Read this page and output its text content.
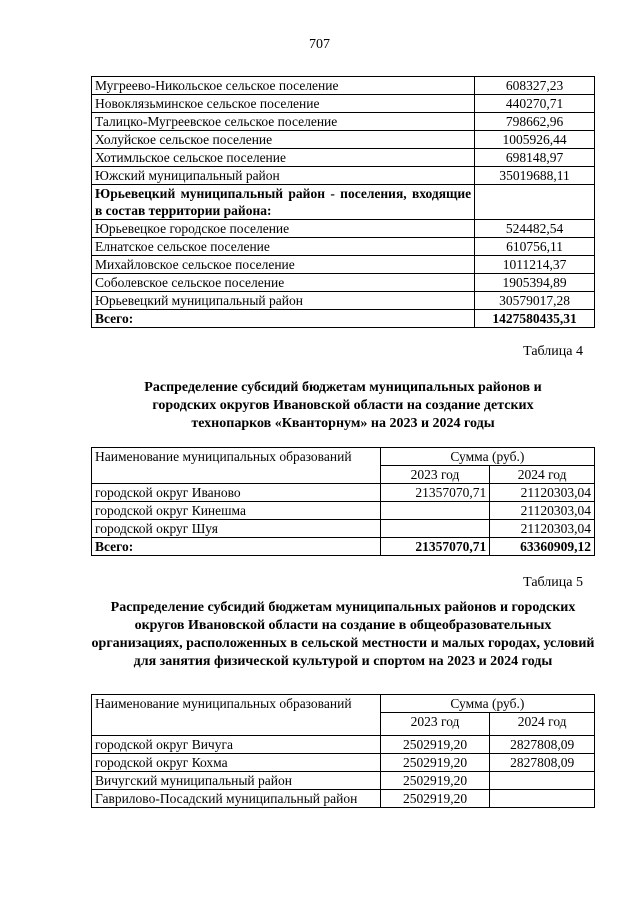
707
Мугреево-Никольское сельское поселение	608327,23
Новоклязьминское сельское поселение	440270,71
Талицко-Мугреевское сельское поселение	798662,96
Холуйское сельское поселение	1005926,44
Хотимльское сельское поселение	698148,97
Южский муниципальный район	35019688,11
Юрьевецкий муниципальный район - поселения, входящие в состав территории района:	
Юрьевецкое городское поселение	524482,54
Елнатское сельское поселение	610756,11
Михайловское сельское поселение	1011214,37
Соболевское сельское поселение	1905394,89
Юрьевецкий муниципальный район	30579017,28
Всего:	1427580435,31
Таблица 4
Распределение субсидий бюджетам муниципальных районов и городских округов Ивановской области на создание детских технопарков «Кванторнум» на 2023 и 2024 годы
Наименование муниципальных образований	Сумма (руб.)	
	2023 год	2024 год
городской округ Иваново	21357070,71	21120303,04
городской округ Кинешма		21120303,04
городской округ Шуя		21120303,04
Всего:	21357070,71	63360909,12
Таблица 5
Распределение субсидий бюджетам муниципальных районов и городских округов Ивановской области на создание в общеобразовательных организациях, расположенных в сельской местности и малых городах, условий для занятия физической культурой и спортом на 2023 и 2024 годы
Наименование муниципальных образований	Сумма (руб.)	
	2023 год	2024 год
городской округ Вичуга	2502919,20	2827808,09
городской округ Кохма	2502919,20	2827808,09
Вичугский муниципальный район	2502919,20	
Гаврилово-Посадский муниципальный район	2502919,20	
